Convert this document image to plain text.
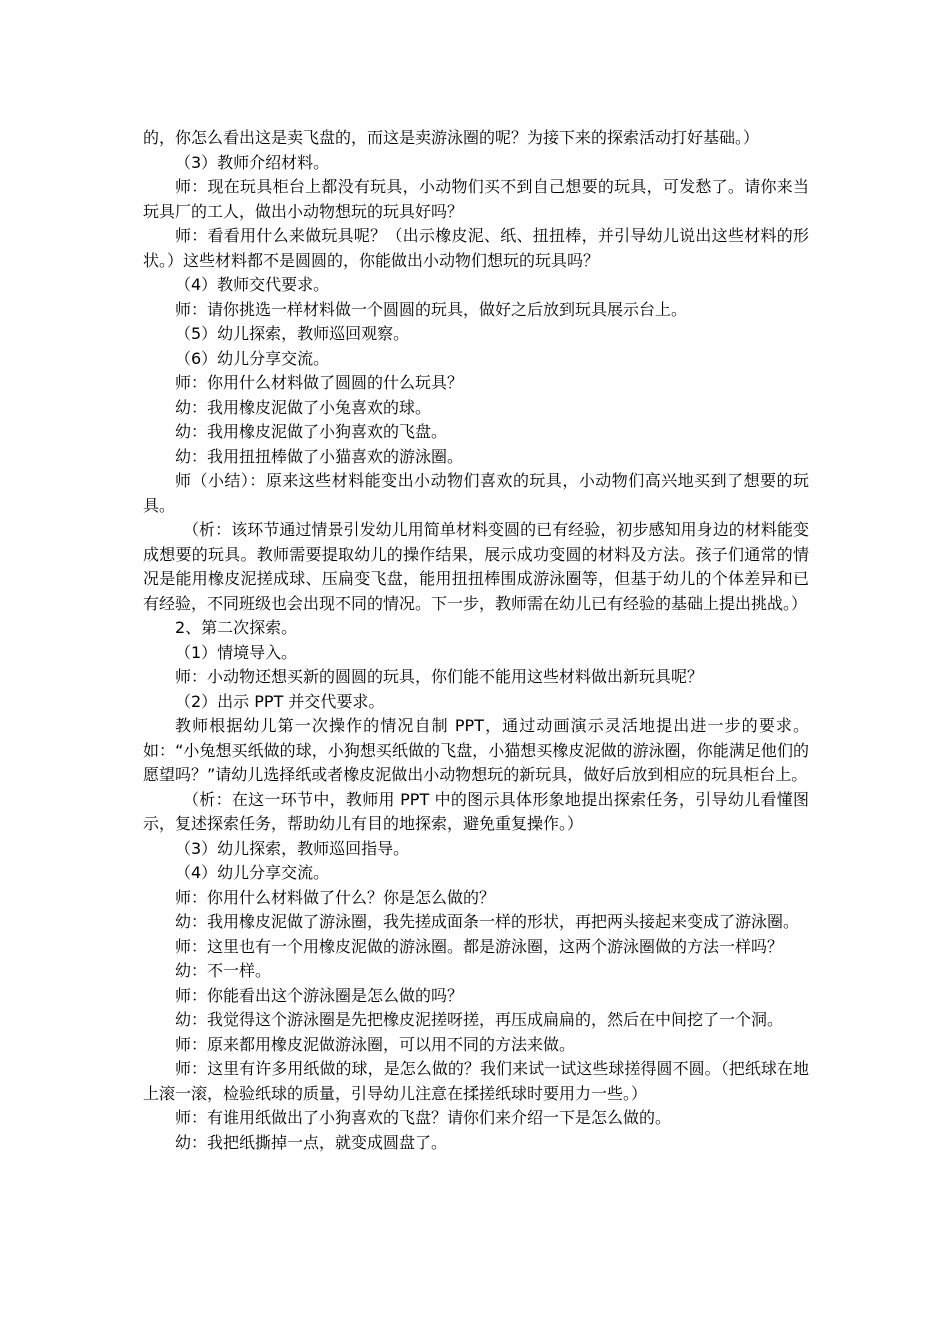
的，你怎么看出这是卖飞盘的，而这是卖游泳圈的呢？为接下来的探索活动打好基础。）

（3）教师介绍材料。

师：现在玩具柜台上都没有玩具，小动物们买不到自己想要的玩具，可发愁了。请你来当玩具厂的工人，做出小动物想玩的玩具好吗？

师：看看用什么来做玩具呢？（出示橡皮泥、纸、扭扭棒，并引导幼儿说出这些材料的形状。）这些材料都不是圆圆的，你能做出小动物们想玩的玩具吗？

（4）教师交代要求。

师：请你挑选一样材料做一个圆圆的玩具，做好之后放到玩具展示台上。

（5）幼儿探索，教师巡回观察。

（6）幼儿分享交流。

师：你用什么材料做了圆圆的什么玩具？

幼：我用橡皮泥做了小兔喜欢的球。

幼：我用橡皮泥做了小狗喜欢的飞盘。

幼：我用扭扭棒做了小猫喜欢的游泳圈。

师（小结）：原来这些材料能变出小动物们喜欢的玩具，小动物们高兴地买到了想要的玩具。

（析：该环节通过情景引发幼儿用简单材料变圆的已有经验，初步感知用身边的材料能变成想要的玩具。教师需要提取幼儿的操作结果，展示成功变圆的材料及方法。孩子们通常的情况是能用橡皮泥搓成球、压扁变飞盘，能用扭扭棒围成游泳圈等，但基于幼儿的个体差异和已有经验，不同班级也会出现不同的情况。下一步，教师需在幼儿已有经验的基础上提出挑战。）

2、第二次探索。

（1）情境导入。

师：小动物还想买新的圆圆的玩具，你们能不能用这些材料做出新玩具呢？

（2）出示 PPT 并交代要求。

教师根据幼儿第一次操作的情况自制 PPT，通过动画演示灵活地提出进一步的要求。如：“小兔想买纸做的球，小狗想买纸做的飞盘，小猫想买橡皮泥做的游泳圈，你能满足他们的愿望吗？”请幼儿选择纸或者橡皮泥做出小动物想玩的新玩具，做好后放到相应的玩具柜台上。

（析：在这一环节中，教师用 PPT 中的图示具体形象地提出探索任务，引导幼儿看懂图示，复述探索任务，帮助幼儿有目的地探索，避免重复操作。）

（3）幼儿探索，教师巡回指导。

（4）幼儿分享交流。

师：你用什么材料做了什么？你是怎么做的？

幼：我用橡皮泥做了游泳圈，我先搓成面条一样的形状，再把两头接起来变成了游泳圈。

师：这里也有一个用橡皮泥做的游泳圈。都是游泳圈，这两个游泳圈做的方法一样吗？

幼：不一样。

师：你能看出这个游泳圈是怎么做的吗？

幼：我觉得这个游泳圈是先把橡皮泥搓呀搓，再压成扁扁的，然后在中间挖了一个洞。

师：原来都用橡皮泥做游泳圈，可以用不同的方法来做。

师：这里有许多用纸做的球，是怎么做的？我们来试一试这些球搓得圆不圆。（把纸球在地上滚一滚，检验纸球的质量，引导幼儿注意在揉搓纸球时要用力一些。）

师：有谁用纸做出了小狗喜欢的飞盘？请你们来介绍一下是怎么做的。

幼：我把纸撕掉一点，就变成圆盘了。
